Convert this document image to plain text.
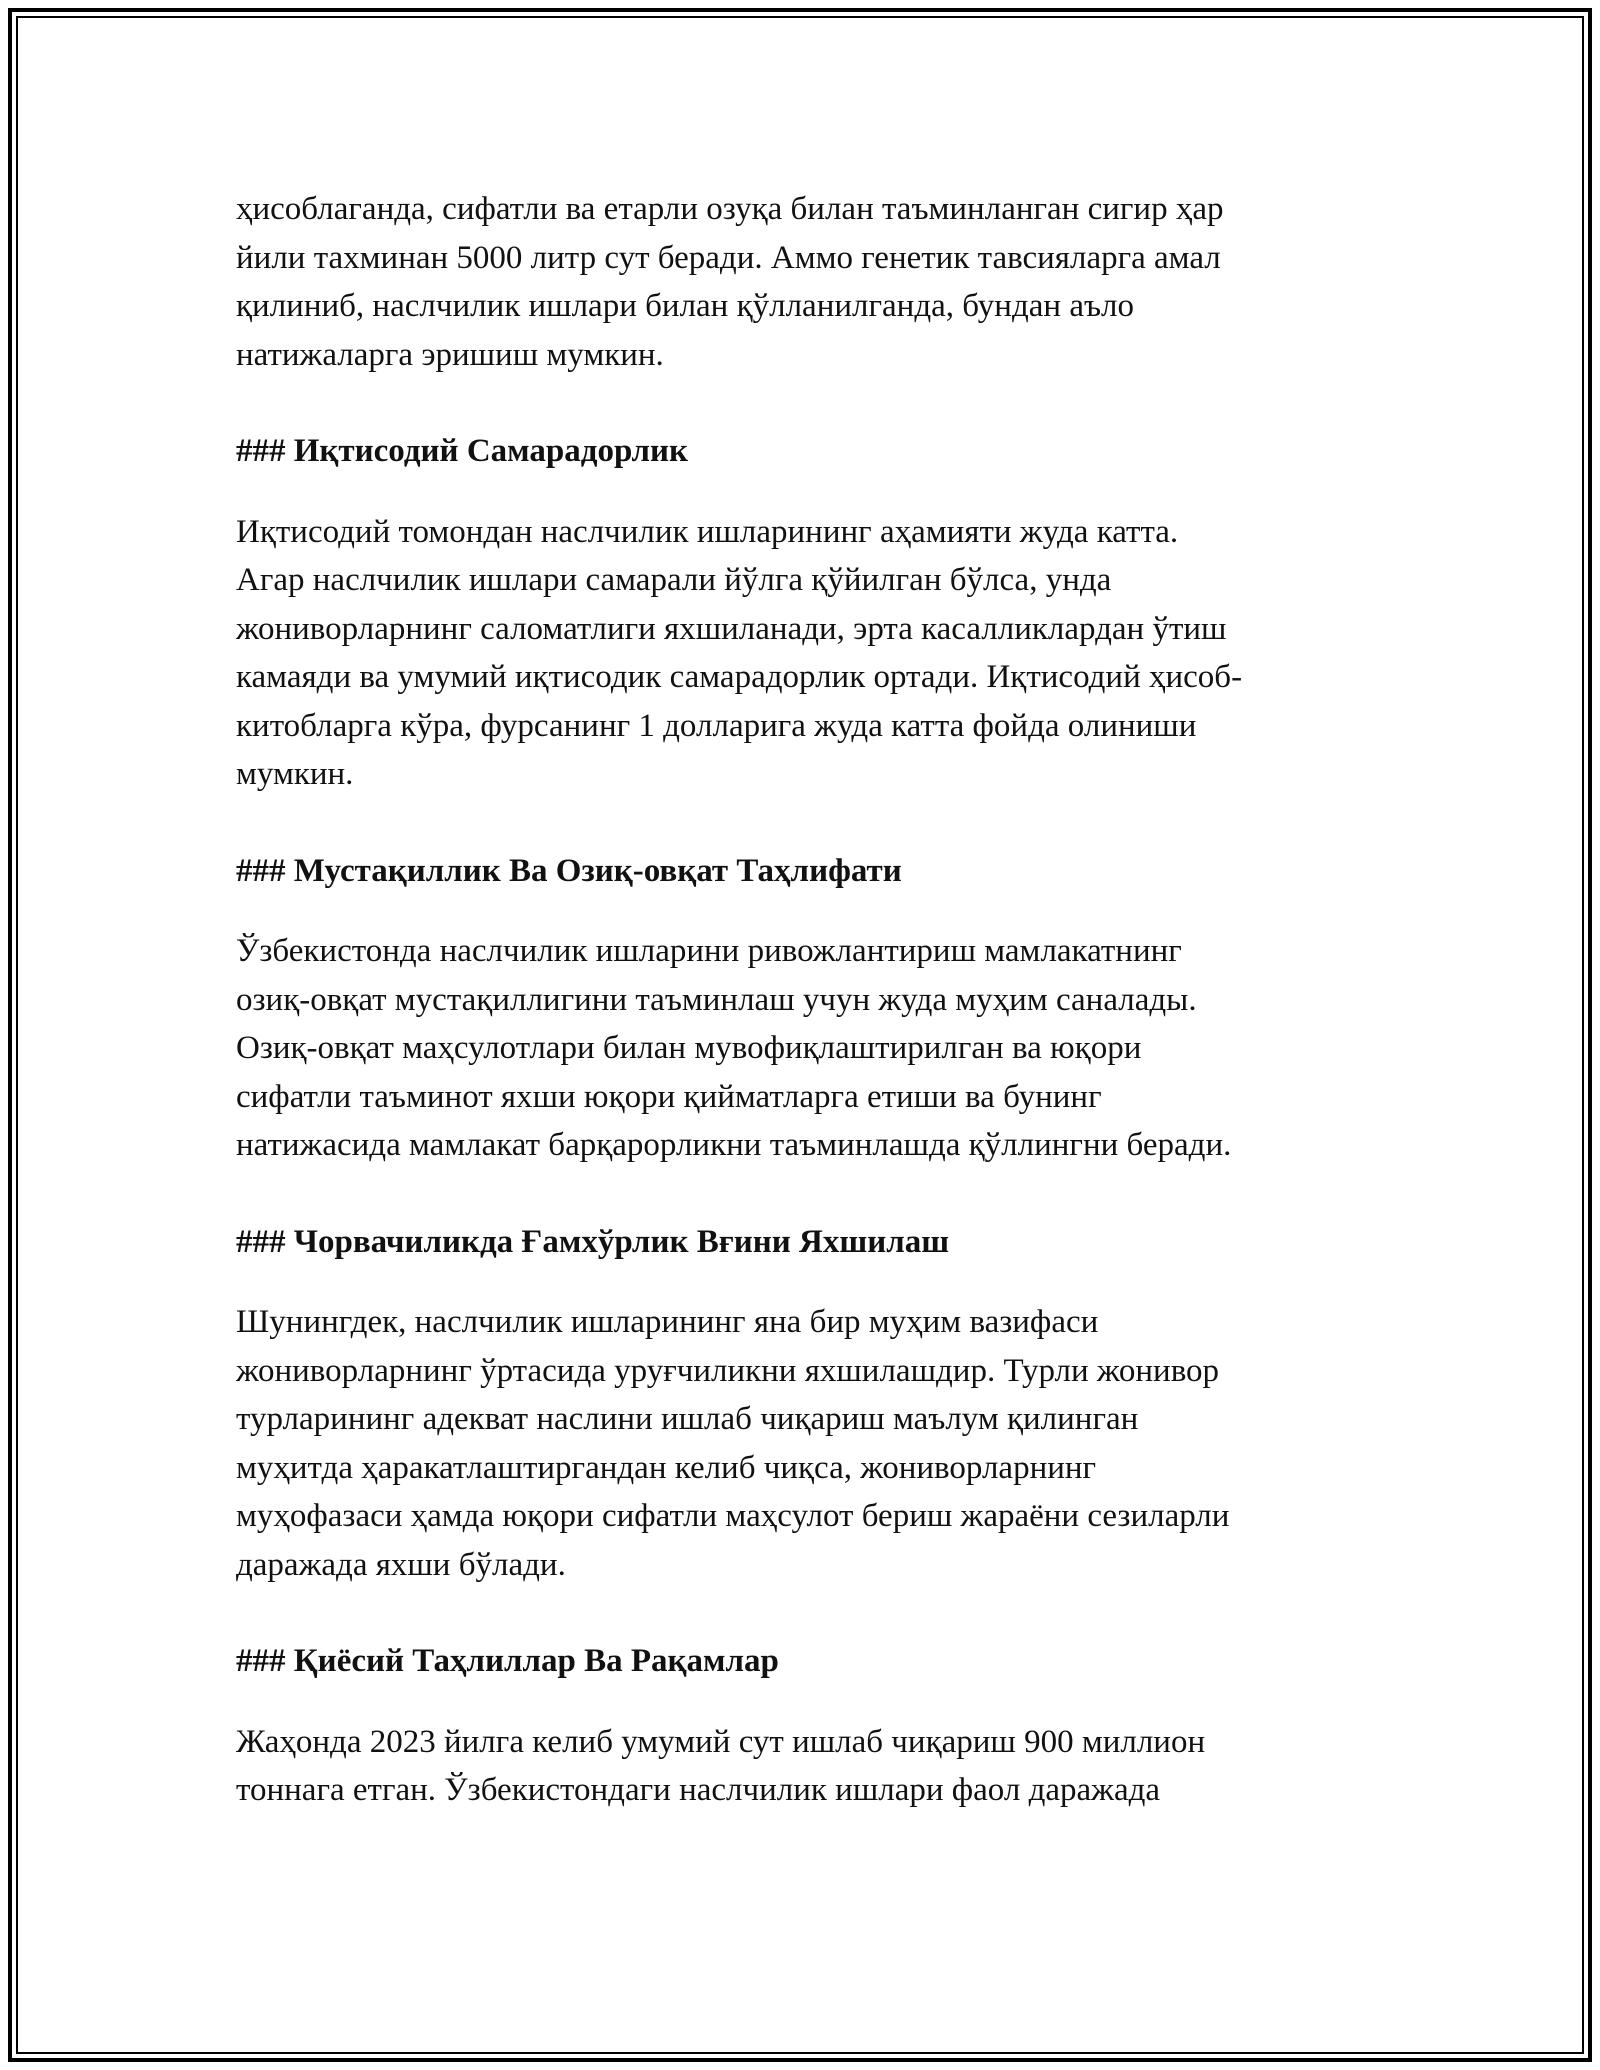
ҳисоблаганда, сифатли ва етарли озуқа билан таъминланган сигир ҳар
йили тахминан 5000 литр сут беради. Аммо генетик тавсияларга амал
қилиниб, наслчилик ишлари билан қўлланилганда, бундан аъло
натижаларга эришиш мумкин.

### Иқтисодий Самарадорлик

Иқтисодий томондан наслчилик ишларининг аҳамияти жуда катта.
Агар наслчилик ишлари самарали йўлга қўйилган бўлса, унда
жониворларнинг саломатлиги яхшиланади, эрта касалликлардан ўтиш
камаяди ва умумий иқтисодик самарадорлик ортади. Иқтисодий ҳисоб-
китобларга кўра, фурсанинг 1 долларига жуда катта фойда олиниши
мумкин.

### Мустақиллик Ва Озиқ-овқат Таҳлифати

Ўзбекистонда наслчилик ишларини ривожлантириш мамлакатнинг
озиқ-овқат мустақиллигини таъминлаш учун жуда муҳим саналады.
Озиқ-овқат маҳсулотлари билан мувофиқлаштирилган ва юқори
сифатли таъминот яхши юқори қийматларга етиши ва бунинг
натижасида мамлакат барқарорликни таъминлашда қўллингни беради.

### Чорвачиликда Ғамхўрлик Вғини Яхшилаш

Шунингдек, наслчилик ишларининг яна бир муҳим вазифаси
жониворларнинг ўртасида уруғчиликни яхшилашдир. Турли жонивор
турларининг адекват наслини ишлаб чиқариш маълум қилинган
муҳитда ҳаракатлаштиргандан келиб чиқса, жониворларнинг
муҳофазаси ҳамда юқори сифатли маҳсулот бериш жараёни сезиларли
даражада яхши бўлади.

### Қиёсий Таҳлиллар Ва Рақамлар

Жаҳонда 2023 йилга келиб умумий сут ишлаб чиқариш 900 миллион
тоннага етган. Ўзбекистондаги наслчилик ишлари фаол даражада
